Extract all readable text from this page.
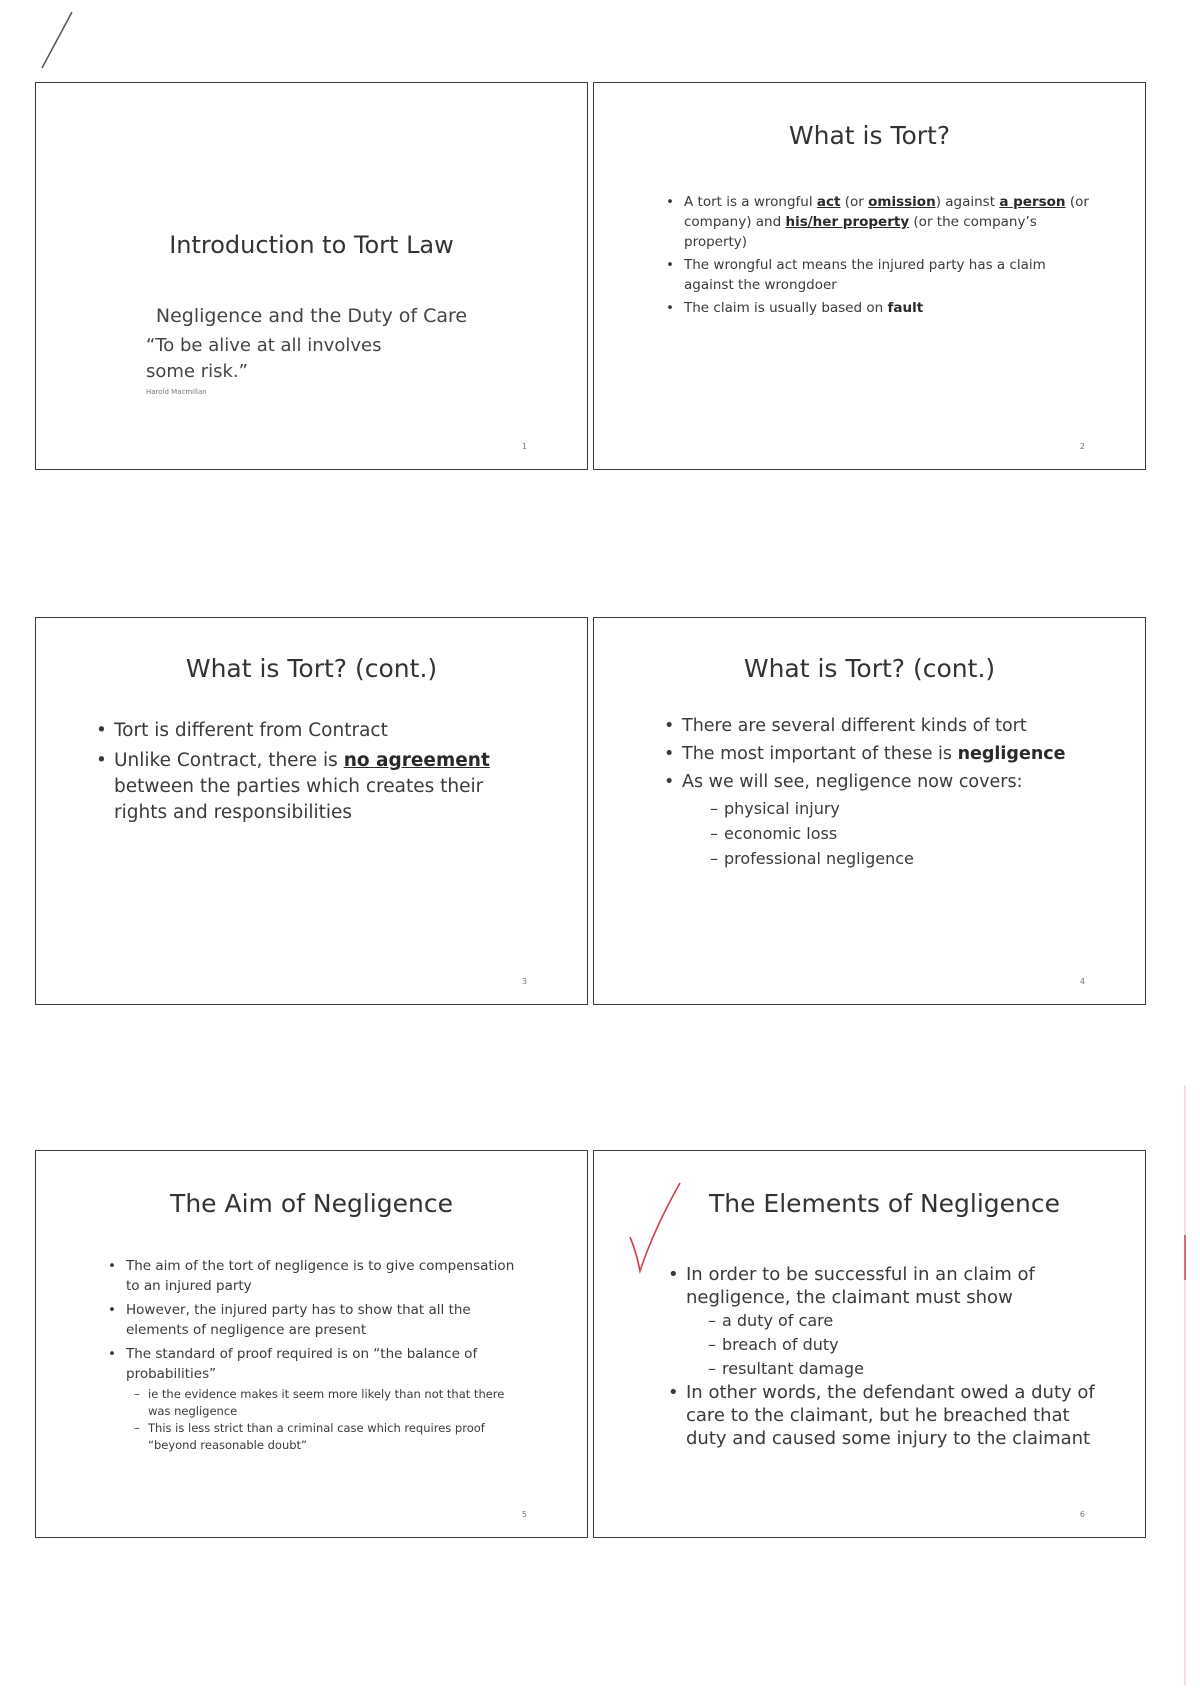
Introduction to Tort Law
Negligence and the Duty of Care
“To be alive at all involves some risk.”
Harold Macmillan
1
What is Tort?
• A tort is a wrongful act (or omission) against a person (or company) and his/her property (or the company’s property)
• The wrongful act means the injured party has a claim against the wrongdoer
• The claim is usually based on fault
2
What is Tort? (cont.)
• Tort is different from Contract
• Unlike Contract, there is no agreement between the parties which creates their rights and responsibilities
3
What is Tort? (cont.)
• There are several different kinds of tort
• The most important of these is negligence
• As we will see, negligence now covers:
– physical injury
– economic loss
– professional negligence
4
The Aim of Negligence
• The aim of the tort of negligence is to give compensation to an injured party
• However, the injured party has to show that all the elements of negligence are present
• The standard of proof required is on “the balance of probabilities”
– ie the evidence makes it seem more likely than not that there was negligence
– This is less strict than a criminal case which requires proof “beyond reasonable doubt”
5
The Elements of Negligence
• In order to be successful in an claim of negligence, the claimant must show
– a duty of care
– breach of duty
– resultant damage
• In other words, the defendant owed a duty of care to the claimant, but he breached that duty and caused some injury to the claimant
6
